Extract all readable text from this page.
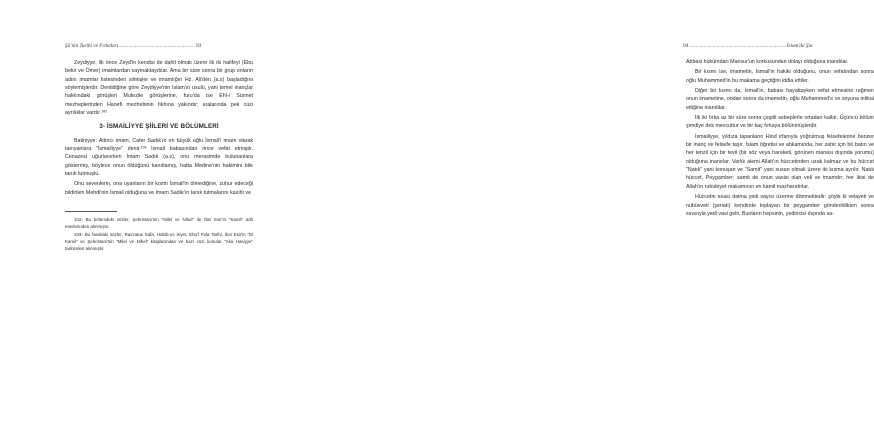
Şii'nin Tarihi ve Fırkaları .......................................................... 93

Zeydiyye, ilk önce Zeyd'in kendisi de dahil olmak üzere ilk iki halifeyi (Ebu bekir ve Ömer) imamlardan saymaktaydılar. Ama bir süre sonra bir grup onların adını imamlar listesinden silmişler ve imamlığın Hz. Ali'den (a.s) başladığını söylemişlerdir. Denildiğine göre Zeydiyye'nin İslam'ın usulü, yani temel inançlar hakkındaki görüşleri Mutezile görüşlerine, furu'da ise Ehl-i Sünnet mezheplerinden Hanefi mezhebinin fıkhına yakındır; aralarında pek cüzi ayrılıklar vardır.¹⁰²

3- İSMAİLİYYE ŞİİLERİ VE BÖLÜMLERİ

Batiniyye: Altıncı imam, Cafer Sadık'ın en büyük oğlu İsmail'i imam olarak tanıyanlara "İsmailiyye" denir.¹⁰³ İsmail babasından önce vefat etmiştir. Cenazesi uğurlanırken İmam Sadık (a.s), onu merasimde bulunanlara göstermiş, böylece onun öldüğünü kanıtlamış, hatta Medine'nin hakimini bile tanık tutmuştu.

Onu sevenlerin, ona uyanların bir kısmı İsmail'in ölmediğine, zuhur edeceği bildirilen Mehdi'nin İsmail olduğuna ve İmam Sadık'ın tanık tutmalarını kasıtlı ve

102- Bu bölümdeki sözler, Şehristani'nin "Milel ve Nihel" ile İbni Esir'in "Kamil" adlı eserlerinden alınmıştır.

103- Bu fasıldaki sözler, Ravzatus Safa, Habib-us Siyer, Ebu'l Fida Tarihi, İbni Esir'in "El Kamil" ve Şehristani'nin "Milel ve Nihel" kitaplarından ve bazı cüzi konular "Aka Hasiyye" tarihinden alınmıştır.

94 .......................................................................... İslam'da Şia

Abbasi hükümdarı Mansur'un korkusundan dolayı olduğuna inandılar.

Bir kısmı ise, imametin, İsmail'in hakiki olduğunu, onun vefatından sonra oğlu Muhammed'in bu makama geçtiğini iddia ettiler.

Diğer bir kısmı da, İsmail'in, babası hayattayken vefat etmesine rağmen onun imametine, ondan sonra da imametin, oğlu Muhammed'e ve soyuna intikal ettiğine inandılar.

İlk iki fırka az bir süre sonra çeşitli sebeplerle ortadan kalktı. Üçüncü bölüm şimdiye dek mevcuttur ve bir kaç fırkaya bölünmüşlerdir.

İsmailiyye, yıldıza tapanların Hind irfanıyla yoğrulmuş felsefelerine benzer bir inanç ve felsefe taşır. İslam öğretisi ve ahkamında, her zahir için bir batın ve her tenzil için bir tevil (bir söz veya hareketi, görünen manası dışında yorumu) olduğuna inanırlar. Varlık alemi Allah'ın hüccetinden uzak kalmaz ve bu hüccet "Natık" yani konuşan ve "Samit" yani susan olmak üzere iki kısma ayrılır. Natık hüccet, Peygamber; samit de onun vasisi olan veli ve imamdır; her ikisi de Allah'ın rububiyet makamının en kamil mazharıdırlar.

Hüccetin esası daima yedi sayısı üzerine dönmektedir: şöyle ki velayeti ve nübüvveti (şeriatı) kendinde toplayan bir peygamber gönderildikten sonra sırasıyla yedi vasi gelir. Bunların hepsinin, yedincisi dışında sa-
